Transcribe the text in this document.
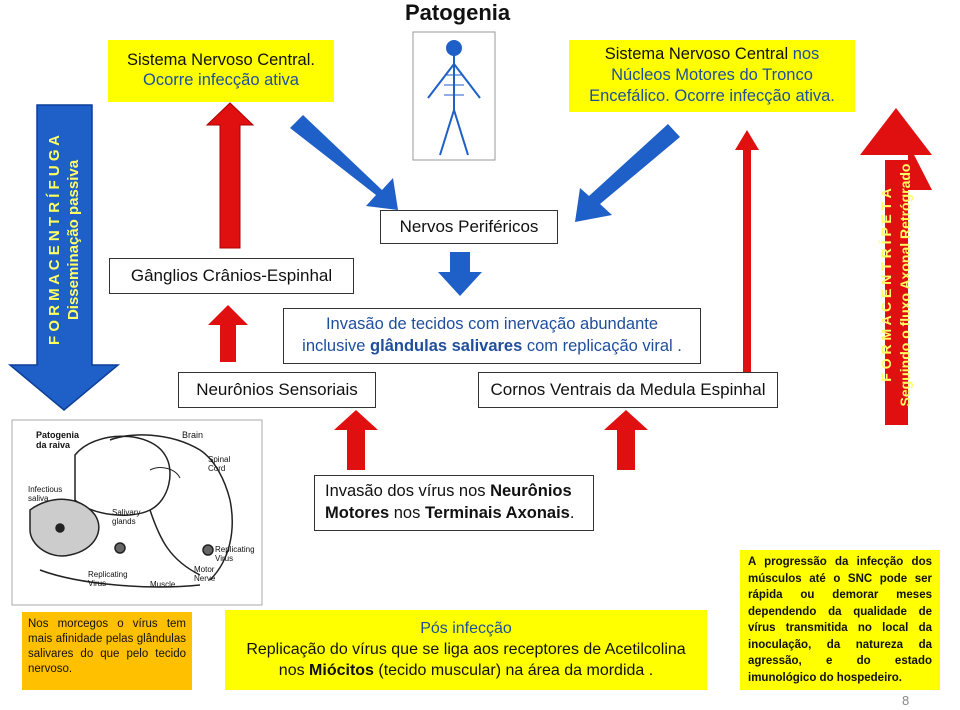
Patogenia
Sistema Nervoso Central.
Ocorre infecção ativa
Sistema Nervoso Central nos
Núcleos Motores do Tronco
Encefálico. Ocorre infecção ativa.
F O R M A C E N T R Í F U G A Disseminação passiva	F O R M A C E N T R Í P E T A Seguindo o fluxo Axonal Retrógrado
Nervos Periféricos
Gânglios Crânios-Espinhal
Invasão de tecidos com inervação abundante
inclusive glândulas salivares com replicação viral .
Neurônios Sensoriais	Cornos Ventrais da Medula Espinhal
Invasão dos vírus nos Neurônios Motores nos Terminais Axonais.
Nos morcegos o vírus tem mais afinidade pelas glândulas salivares do que pelo tecido nervoso.
Pós infecção
Replicação do vírus que se liga aos receptores de Acetilcolina
nos Miócitos (tecido muscular) na área da mordida .
A progressão da infecção dos músculos até o SNC pode ser rápida ou demorar meses dependendo da qualidade de vírus transmitida no local da inoculação, da natureza da agressão, e do estado imunológico do hospedeiro.
Patogenia da raiva
Brain
Spinal Cord
Infectious saliva
Salivary glands
Replicating Virus
Replicating Virus
Motor Nerve
Muscle
8
